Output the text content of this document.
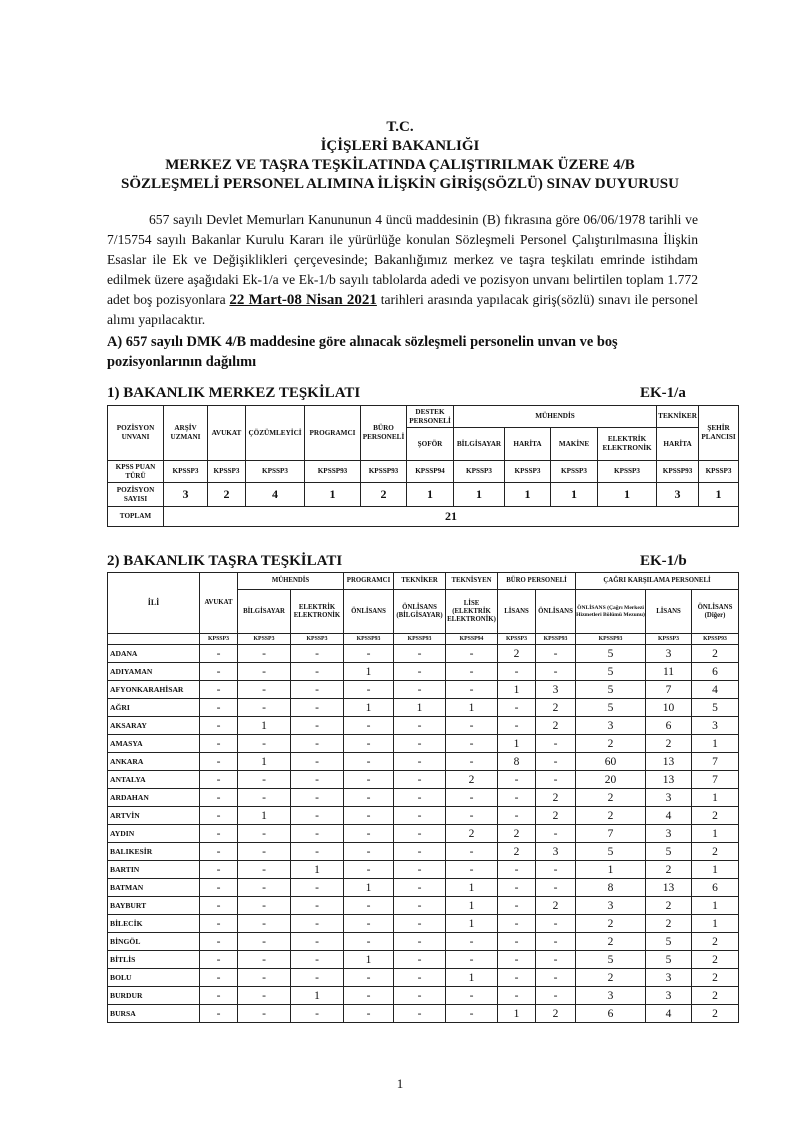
T.C.
İÇİŞLERİ BAKANLIĞI
MERKEZ VE TAŞRA TEŞKİLATINDA ÇALIŞTIRILMAK ÜZERE 4/B
SÖZLEŞMELİ PERSONEL ALIMINA İLİŞKİN GİRİŞ(SÖZLÜ) SINAV DUYURUSU
657 sayılı Devlet Memurları Kanununun 4 üncü maddesinin (B) fıkrasına göre 06/06/1978 tarihli ve 7/15754 sayılı Bakanlar Kurulu Kararı ile yürürlüğe konulan Sözleşmeli Personel Çalıştırılmasına İlişkin Esaslar ile Ek ve Değişiklikleri çerçevesinde; Bakanlığımız merkez ve taşra teşkilatı emrinde istihdam edilmek üzere aşağıdaki Ek-1/a ve Ek-1/b sayılı tablolarda adedi ve pozisyon unvanı belirtilen toplam 1.772 adet boş pozisyonlara 22 Mart-08 Nisan 2021 tarihleri arasında yapılacak giriş(sözlü) sınavı ile personel alımı yapılacaktır.
A) 657 sayılı DMK 4/B maddesine göre alınacak sözleşmeli personelin unvan ve boş pozisyonlarının dağılımı
1) BAKANLIK MERKEZ TEŞKİLATI	EK-1/a
POZİSYON UNVANI	ARŞİV UZMANI	AVUKAT	ÇÖZÜMLEYİCİ	PROGRAMCI	BÜRO PERSONELİ	DESTEK PERSONELİ	MÜHENDİS				TEKNİKER	ŞEHİR PLANCISI
						ŞOFÖR	BİLGİSAYAR	HARİTA	MAKİNE	ELEKTRİK ELEKTRONİK	HARİTA	
KPSS PUAN TÜRÜ	KPSSP3	KPSSP3	KPSSP3	KPSSP93	KPSSP93	KPSSP94	KPSSP3	KPSSP3	KPSSP3	KPSSP3	KPSSP93	KPSSP3
POZİSYON SAYISI	3	2	4	1	2	1	1	1	1	1	3	1
TOPLAM	21											
2) BAKANLIK TAŞRA TEŞKİLATI	EK-1/b
İLİ	AVUKAT	MÜHENDİS		PROGRAMCI	TEKNİKER	TEKNİSYEN	BÜRO PERSONELİ		ÇAĞRI KARŞILAMA PERSONELİ		
		BİLGİSAYAR	ELEKTRİK ELEKTRONİK	ÖNLİSANS	ÖNLİSANS (BİLGİSAYAR)	LİSE (ELEKTRİK ELEKTRONİK)	LİSANS	ÖNLİSANS	ÖNLİSANS (Çağrı Merkezi Hizmetleri Bölümü Mezunu)	LİSANS	ÖNLİSANS (Diğer)
	KPSSP3	KPSSP3	KPSSP3	KPSSP93	KPSSP93	KPSSP94	KPSSP3	KPSSP93	KPSSP93	KPSSP3	KPSSP93
ADANA	-	-	-	-	-	-	2	-	5	3	2
ADIYAMAN	-	-	-	1	-	-	-	-	5	11	6
AFYONKARAHİSAR	-	-	-	-	-	-	1	3	5	7	4
AĞRI	-	-	-	1	1	1	-	2	5	10	5
AKSARAY	-	1	-	-	-	-	-	2	3	6	3
AMASYA	-	-	-	-	-	-	1	-	2	2	1
ANKARA	-	1	-	-	-	-	8	-	60	13	7
ANTALYA	-	-	-	-	-	2	-	-	20	13	7
ARDAHAN	-	-	-	-	-	-	-	2	2	3	1
ARTVİN	-	1	-	-	-	-	-	2	2	4	2
AYDIN	-	-	-	-	-	2	2	-	7	3	1
BALIKESİR	-	-	-	-	-	-	2	3	5	5	2
BARTIN	-	-	1	-	-	-	-	-	1	2	1
BATMAN	-	-	-	1	-	1	-	-	8	13	6
BAYBURT	-	-	-	-	-	1	-	2	3	2	1
BİLECİK	-	-	-	-	-	1	-	-	2	2	1
BİNGÖL	-	-	-	-	-	-	-	-	2	5	2
BİTLİS	-	-	-	1	-	-	-	-	5	5	2
BOLU	-	-	-	-	-	1	-	-	2	3	2
BURDUR	-	-	1	-	-	-	-	-	3	3	2
BURSA	-	-	-	-	-	-	1	2	6	4	2
1
